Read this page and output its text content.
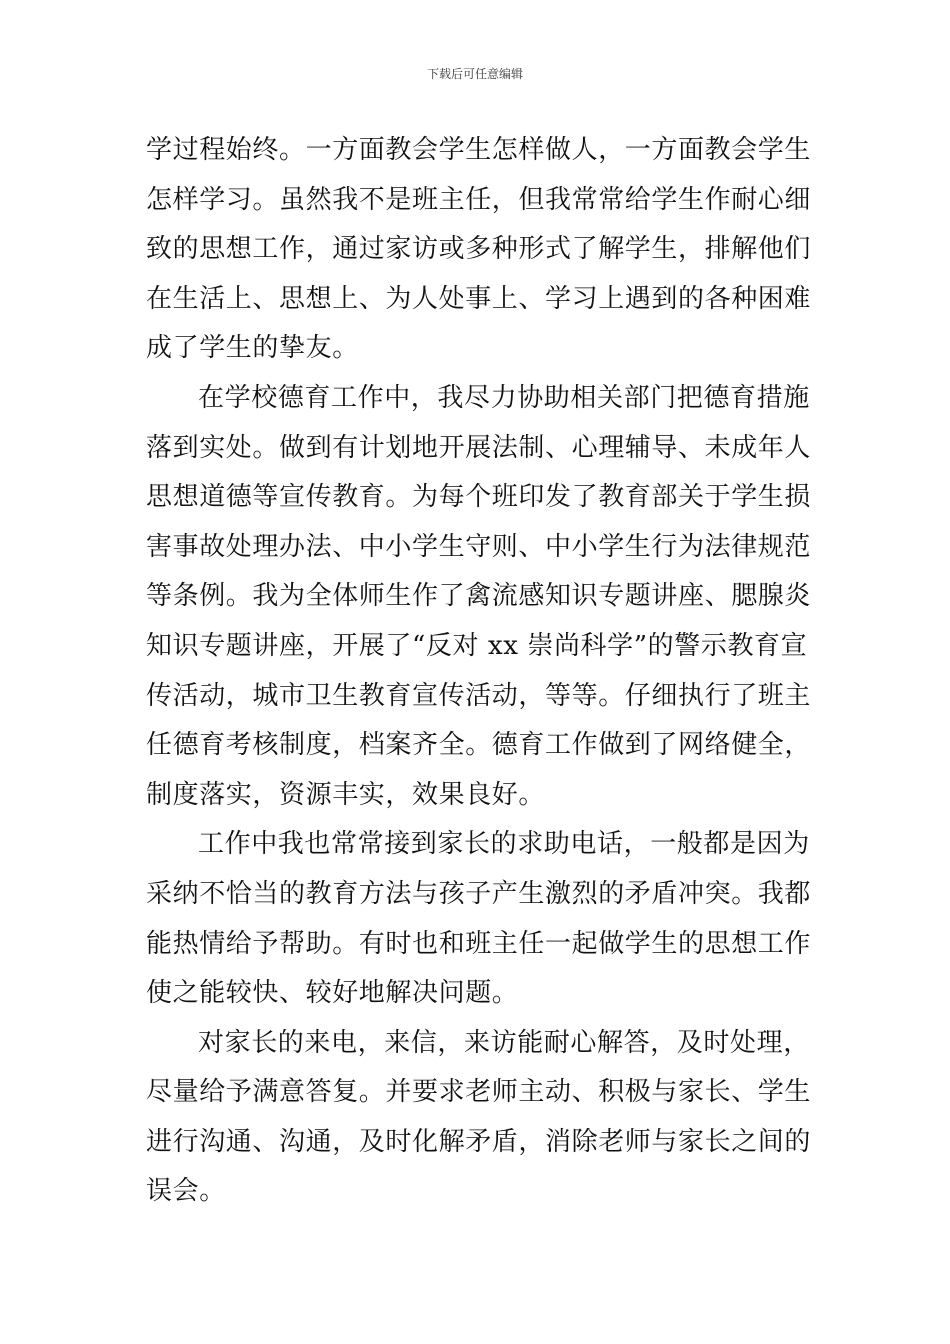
下载后可任意编辑
学过程始终。一方面教会学生怎样做人，一方面教会学生
怎样学习。虽然我不是班主任，但我常常给学生作耐心细
致的思想工作，通过家访或多种形式了解学生，排解他们
在生活上、思想上、为人处事上、学习上遇到的各种困难
成了学生的挚友。
在学校德育工作中，我尽力协助相关部门把德育措施
落到实处。做到有计划地开展法制、心理辅导、未成年人
思想道德等宣传教育。为每个班印发了教育部关于学生损
害事故处理办法、中小学生守则、中小学生行为法律规范
等条例。我为全体师生作了禽流感知识专题讲座、腮腺炎
知识专题讲座，开展了“反对 xx 崇尚科学”的警示教育宣
传活动，城市卫生教育宣传活动，等等。仔细执行了班主
任德育考核制度，档案齐全。德育工作做到了网络健全，
制度落实，资源丰实，效果良好。
工作中我也常常接到家长的求助电话，一般都是因为
采纳不恰当的教育方法与孩子产生激烈的矛盾冲突。我都
能热情给予帮助。有时也和班主任一起做学生的思想工作
使之能较快、较好地解决问题。
对家长的来电，来信，来访能耐心解答，及时处理，
尽量给予满意答复。并要求老师主动、积极与家长、学生
进行沟通、沟通，及时化解矛盾，消除老师与家长之间的
误会。
